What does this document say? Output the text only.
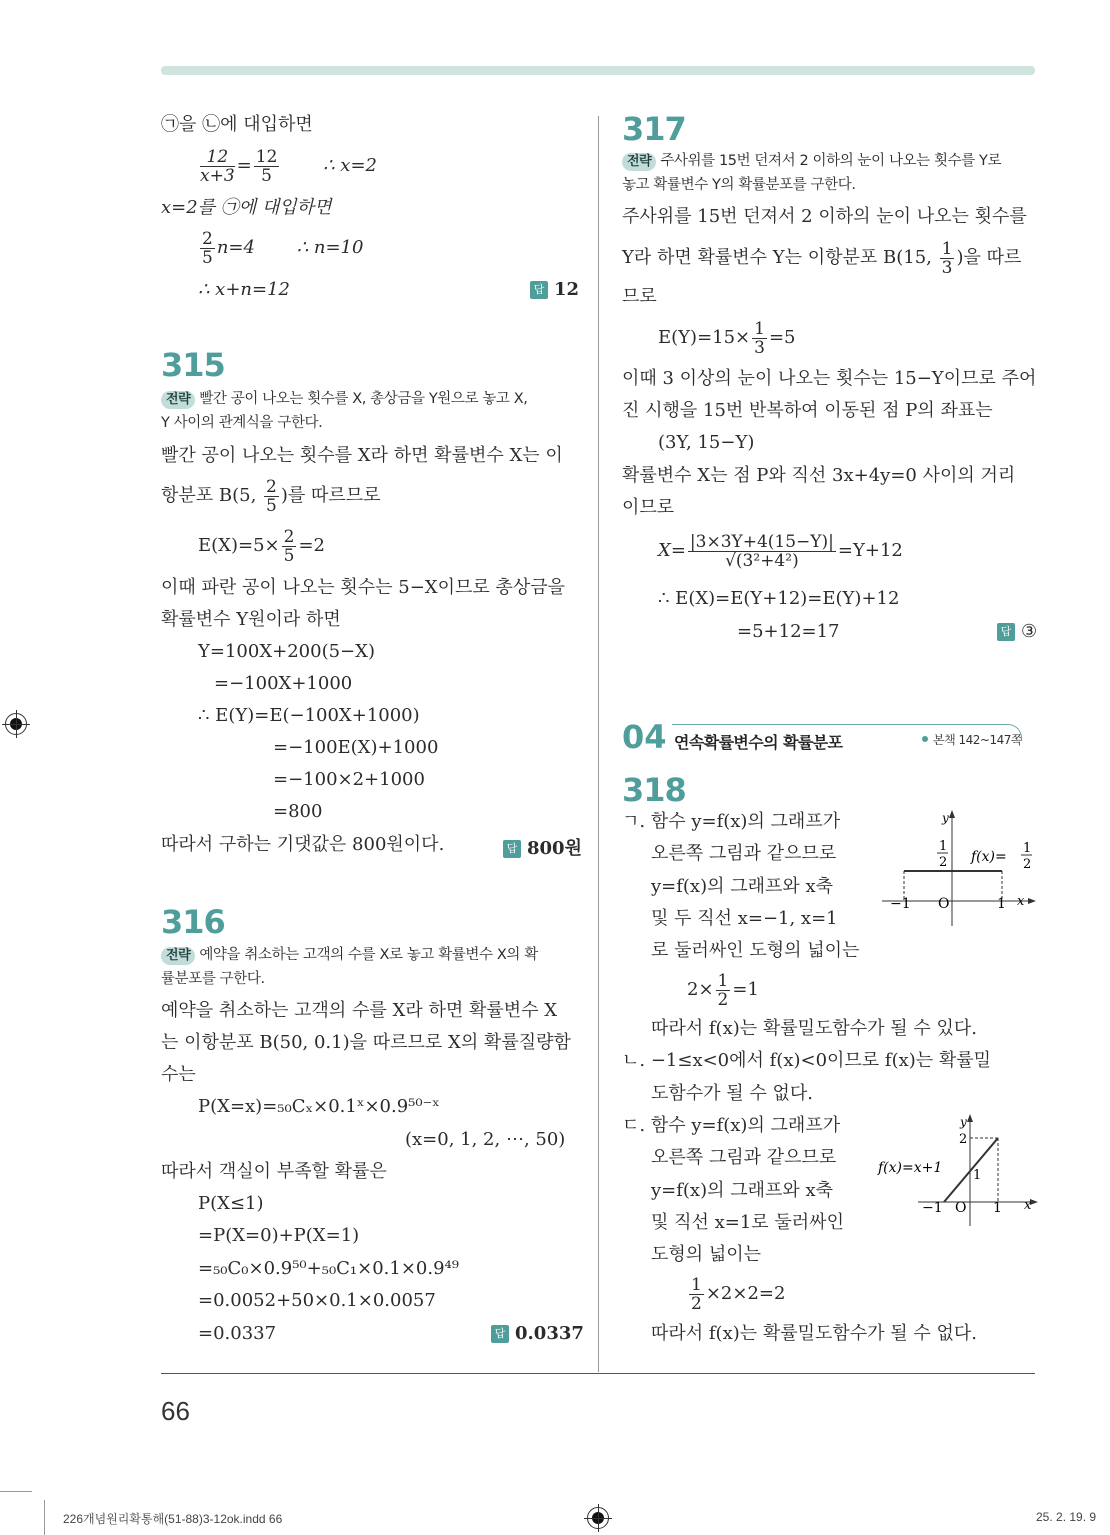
66
226개념원리확통해(51-88)3-12ok.indd 66	25. 2. 19. 9
㉠을 ㉡에 대입하면
$\frac{12}{x+3} = \frac{12}{5}$ ∴ x=2
x=2를 ㉠에 대입하면
$\frac{2}{5} n=4$ ∴ n=10
∴ x+n=12	답 12
315
전략 빨간 공이 나오는 횟수를 X, 총상금을 Y원으로 놓고 X,
Y 사이의 관계식을 구한다.
빨간 공이 나오는 횟수를 X라 하면 확률변수 X는 이
항분포 B(5, $\frac{2}{5}$ )를 따르므로
$E(X)=5\times \frac{2}{5} =2$
이때 파란 공이 나오는 횟수는 5−X이므로 총상금을
확률변수 Y원이라 하면
Y=100X+200(5−X)
=−100X+1000
∴ E(Y)=E(−100X+1000)
=−100E(X)+1000
=−100×2+1000
=800
따라서 구하는 기댓값은 800원이다.	답 800원
316
전략 예약을 취소하는 고객의 수를 X로 놓고 확률변수 X의 확
률분포를 구한다.
예약을 취소하는 고객의 수를 X라 하면 확률변수 X
는 이항분포 B(50, 0.1)을 따르므로 X의 확률질량함
수는
P(X=x)=₅₀Cₓ×0.1ˣ×0.9⁵⁰⁻ˣ
(x=0, 1, 2, ⋯, 50)
따라서 객실이 부족할 확률은
P(X≤1)
=P(X=0)+P(X=1)
=₅₀C₀×0.9⁵⁰+₅₀C₁×0.1×0.9⁴⁹
=0.0052+50×0.1×0.0057
=0.0337	답 0.0337
317
전략 주사위를 15번 던져서 2 이하의 눈이 나오는 횟수를 Y로
놓고 확률변수 Y의 확률분포를 구한다.
주사위를 15번 던져서 2 이하의 눈이 나오는 횟수를
Y라 하면 확률변수 Y는 이항분포 B(15, $\frac{1}{3}$ )을 따르
므로
$E(Y)=15\times \frac{1}{3} =5$
이때 3 이상의 눈이 나오는 횟수는 15−Y이므로 주어
진 시행을 15번 반복하여 이동된 점 P의 좌표는
(3Y, 15−Y)
확률변수 X는 점 P와 직선 3x+4y=0 사이의 거리
이므로
$X= \frac{|3\times 3Y+4(15-Y)|}{\text{√(3²+4²)}} =Y+12$
∴ E(X)=E(Y+12)=E(Y)+12
=5+12=17	답 ③
04 연속확률변수의 확률분포	본책 142~147쪽
318
ㄱ. 함수 y=f(x)의 그래프가
오른쪽 그림과 같으므로
y=f(x)의 그래프와 x축
및 두 직선 x=−1, x=1
로 둘러싸인 도형의 넓이는
$2\times \frac{1}{2} =1$
따라서 f(x)는 확률밀도함수가 될 수 있다.
ㄴ. −1≤x<0에서 f(x)<0이므로 f(x)는 확률밀
도함수가 될 수 없다.
ㄷ. 함수 y=f(x)의 그래프가
오른쪽 그림과 같으므로
y=f(x)의 그래프와 x축
및 직선 x=1로 둘러싸인
도형의 넓이는
$\frac{1}{2} \times 2\times 2=2$
따라서 f(x)는 확률밀도함수가 될 수 없다.
y
x
O
−1	1
1
2 f(x)=
1
2
y
x
O
−1	1
1
2
f(x)=x+1
